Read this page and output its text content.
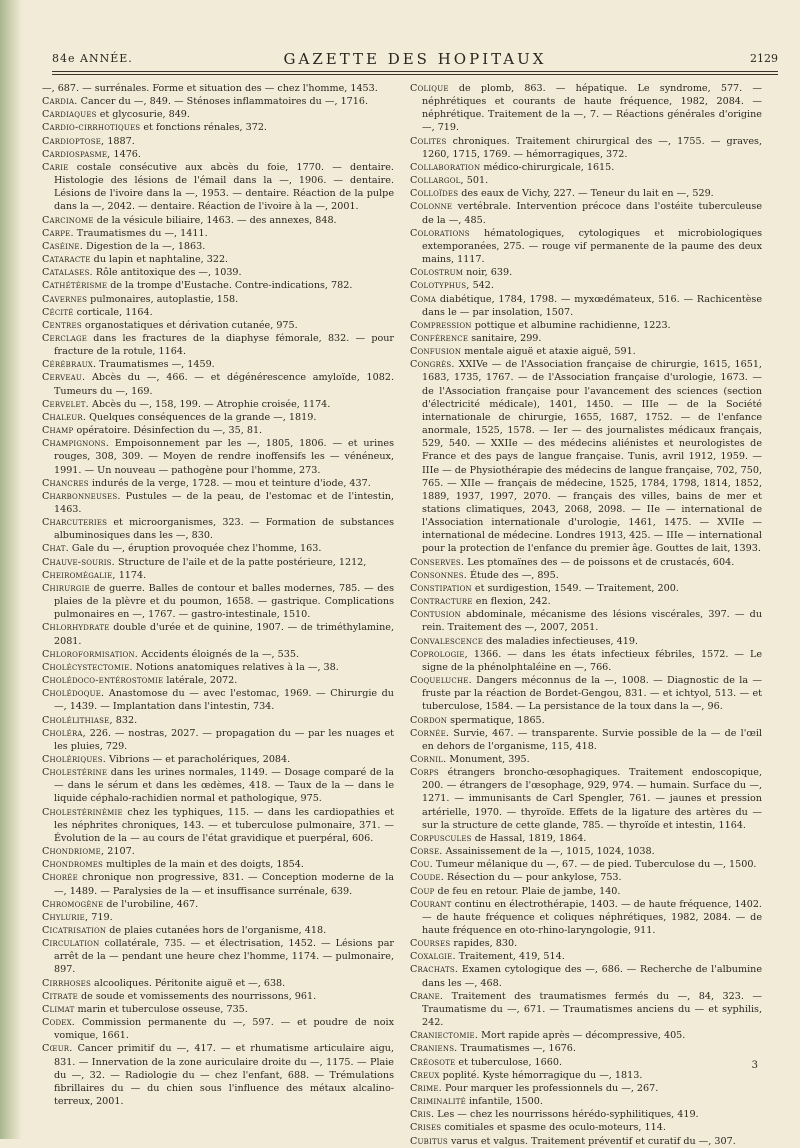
84e ANNÉE.	GAZETTE DES HOPITAUX	2129

—, 687. — surrénales. Forme et situation des — chez l'homme, 1453.

Cardia. Cancer du —, 849. — Sténoses inflammatoires du —, 1716.

Cardiaques et glycosurie, 849.

Cardio-cirrhotiques et fonctions rénales, 372.

Cardioptose, 1887.

Cardiospasme, 1476.

Carie costale consécutive aux abcès du foie, 1770. — dentaire. Histologie des lésions de l'émail dans la —, 1906. — dentaire. Lésions de l'ivoire dans la —, 1953. — dentaire. Réaction de la pulpe dans la —, 2042. — dentaire. Réaction de l'ivoire à la —, 2001.

Carcinome de la vésicule biliaire, 1463. — des annexes, 848.

Carpe. Traumatismes du —, 1411.

Caséine. Digestion de la —, 1863.

Cataracte du lapin et naphtaline, 322.

Catalases. Rôle antitoxique des —, 1039.

Cathétérisme de la trompe d'Eustache. Contre-indications, 782.

Cavernes pulmonaires, autoplastie, 158.

Cécité corticale, 1164.

Centres organostatiques et dérivation cutanée, 975.

Cerclage dans les fractures de la diaphyse fémorale, 832. — pour fracture de la rotule, 1164.

Cérébraux. Traumatismes —, 1459.

Cerveau. Abcès du —, 466. — et dégénérescence amyloïde, 1082. Tumeurs du —, 169.

Cervelet. Abcès du —, 158, 199. — Atrophie croisée, 1174.

Chaleur. Quelques conséquences de la grande —, 1819.

Champ opératoire. Désinfection du —, 35, 81.

Champignons. Empoisonnement par les —, 1805, 1806. — et urines rouges, 308, 309. — Moyen de rendre inoffensifs les — vénéneux, 1991. — Un nouveau — pathogène pour l'homme, 273.

Chancres indurés de la verge, 1728. — mou et teinture d'iode, 437.

Charbonneuses. Pustules — de la peau, de l'estomac et de l'intestin, 1463.

Charcuteries et microorganismes, 323. — Formation de substances albuminosiques dans les —, 830.

Chat. Gale du —, éruption provoquée chez l'homme, 163.

Chauve-souris. Structure de l'aile et de la patte postérieure, 1212,

Cheiromégalie, 1174.

Chirurgie de guerre. Balles de contour et balles modernes, 785. — des plaies de la plèvre et du poumon, 1658. — gastrique. Complications pulmonaires en —, 1767. — gastro-intestinale, 1510.

Chlorhydrate double d'urée et de quinine, 1907. — de triméthylamine, 2081.

Chloroformisation. Accidents éloignés de la —, 535.

Cholécystectomie. Notions anatomiques relatives à la —, 38.

Cholédoco-entérostomie latérale, 2072.

Cholédoque. Anastomose du — avec l'estomac, 1969. — Chirurgie du —, 1439. — Implantation dans l'intestin, 734.

Cholélithiase, 832.

Choléra, 226. — nostras, 2027. — propagation du — par les nuages et les pluies, 729.

Cholériques. Vibrions — et paracholériques, 2084.

Cholestérine dans les urines normales, 1149. — Dosage comparé de la — dans le sérum et dans les œdèmes, 418. — Taux de la — dans le liquide céphalo-rachidien normal et pathologique, 975.

Cholestérinémie chez les typhiques, 115. — dans les cardiopathies et les néphrites chroniques, 143. — et tuberculose pulmonaire, 371. — Évolution de la — au cours de l'état gravidique et puerpéral, 606.

Chondriome, 2107.

Chondromes multiples de la main et des doigts, 1854.

Chorée chronique non progressive, 831. — Conception moderne de la —, 1489. — Paralysies de la — et insuffisance surrénale, 639.

Chromogène de l'urobiline, 467.

Chylurie, 719.

Cicatrisation de plaies cutanées hors de l'organisme, 418.

Circulation collatérale, 735. — et électrisation, 1452. — Lésions par arrêt de la — pendant une heure chez l'homme, 1174. — pulmonaire, 897.

Cirrhoses alcooliques. Péritonite aiguë et —, 638.

Citrate de soude et vomissements des nourrissons, 961.

Climat marin et tuberculose osseuse, 735.

Codex. Commission permanente du —, 597. — et poudre de noix vomique, 1661.

Cœur. Cancer primitif du —, 417. — et rhumatisme articulaire aigu, 831. — Innervation de la zone auriculaire droite du —, 1175. — Plaie du —, 32. — Radiologie du — chez l'enfant, 688. — Trémulations fibrillaires du — du chien sous l'influence des métaux alcalino-terreux, 2001.

Colique de plomb, 863. — hépatique. Le syndrome, 577. — néphrétiques et courants de haute fréquence, 1982, 2084. — néphrétique. Traitement de la —, 7. — Réactions générales d'origine —, 719.

Colites chroniques. Traitement chirurgical des —, 1755. — graves, 1260, 1715, 1769. — hémorragiques, 372.

Collaboration médico-chirurgicale, 1615.

Collargol, 501.

Colloïdes des eaux de Vichy, 227. — Teneur du lait en —, 529.

Colonne vertébrale. Intervention précoce dans l'ostéite tuberculeuse de la —, 485.

Colorations hématologiques, cytologiques et microbiologiques extemporanées, 275. — rouge vif permanente de la paume des deux mains, 1117.

Colostrum noir, 639.

Colotyphus, 542.

Coma diabétique, 1784, 1798. — myxœdémateux, 516. — Rachicentèse dans le — par insolation, 1507.

Compression pottique et albumine rachidienne, 1223.

Conférence sanitaire, 299.

Confusion mentale aiguë et ataxie aiguë, 591.

Congrès. XXIVe — de l'Association française de chirurgie, 1615, 1651, 1683, 1735, 1767. — de l'Association française d'urologie, 1673. — de l'Association française pour l'avancement des sciences (section d'électricité médicale), 1401, 1450. — IIIe — de la Société internationale de chirurgie, 1655, 1687, 1752. — de l'enfance anormale, 1525, 1578. — Ier — des journalistes médicaux français, 529, 540. — XXIIe — des médecins aliénistes et neurologistes de France et des pays de langue française. Tunis, avril 1912, 1959. — IIIe — de Physiothérapie des médecins de langue française, 702, 750, 765. — XIIe — français de médecine, 1525, 1784, 1798, 1814, 1852, 1889, 1937, 1997, 2070. — français des villes, bains de mer et stations climatiques, 2043, 2068, 2098. — IIe — international de l'Association internationale d'urologie, 1461, 1475. — XVIIe — international de médecine. Londres 1913, 425. — IIIe — international pour la protection de l'enfance du premier âge. Gouttes de lait, 1393.

Conserves. Les ptomaïnes des — de poissons et de crustacés, 604.

Consonnes. Étude des —, 895.

Constipation et surdigestion, 1549. — Traitement, 200.

Contracture en flexion, 242.

Contusion abdominale, mécanisme des lésions viscérales, 397. — du rein. Traitement des —, 2007, 2051.

Convalescence des maladies infectieuses, 419.

Coprologie, 1366. — dans les états infectieux fébriles, 1572. — Le signe de la phénolphtaléine en —, 766.

Coqueluche. Dangers méconnus de la —, 1008. — Diagnostic de la — fruste par la réaction de Bordet-Gengou, 831. — et ichtyol, 513. — et tuberculose, 1584. — La persistance de la toux dans la —, 96.

Cordon spermatique, 1865.

Cornée. Survie, 467. — transparente. Survie possible de la — de l'œil en dehors de l'organisme, 115, 418.

Cornil. Monument, 395.

Corps étrangers broncho-œsophagiques. Traitement endoscopique, 200. — étrangers de l'œsophage, 929, 974. — humain. Surface du —, 1271. — immunisants de Carl Spengler, 761. — jaunes et pression artérielle, 1970. — thyroïde. Effets de la ligature des artères du — sur la structure de cette glande, 785. — thyroïde et intestin, 1164.

Corpuscules de Hassal, 1819, 1864.

Corse. Assainissement de la —, 1015, 1024, 1038.

Cou. Tumeur mélanique du —, 67. — de pied. Tuberculose du —, 1500.

Coude. Résection du — pour ankylose, 753.

Coup de feu en retour. Plaie de jambe, 140.

Courant continu en électrothérapie, 1403. — de haute fréquence, 1402. — de haute fréquence et coliques néphrétiques, 1982, 2084. — de haute fréquence en oto-rhino-laryngologie, 911.

Courses rapides, 830.

Coxalgie. Traitement, 419, 514.

Crachats. Examen cytologique des —, 686. — Recherche de l'albumine dans les —, 468.

Crane. Traitement des traumatismes fermés du —, 84, 323. — Traumatisme du —, 671. — Traumatismes anciens du — et syphilis, 242.

Craniectomie. Mort rapide après — décompressive, 405.

Craniens. Traumatismes —, 1676.

Créosote et tuberculose, 1660.

Creux poplité. Kyste hémorragique du —, 1813.

Crime. Pour marquer les professionnels du —, 267.

Criminalité infantile, 1500.

Cris. Les — chez les nourrissons hérédo-syphilitiques, 419.

Crises comitiales et spasme des oculo-moteurs, 114.

Cubitus varus et valgus. Traitement préventif et curatif du —, 307.

3
